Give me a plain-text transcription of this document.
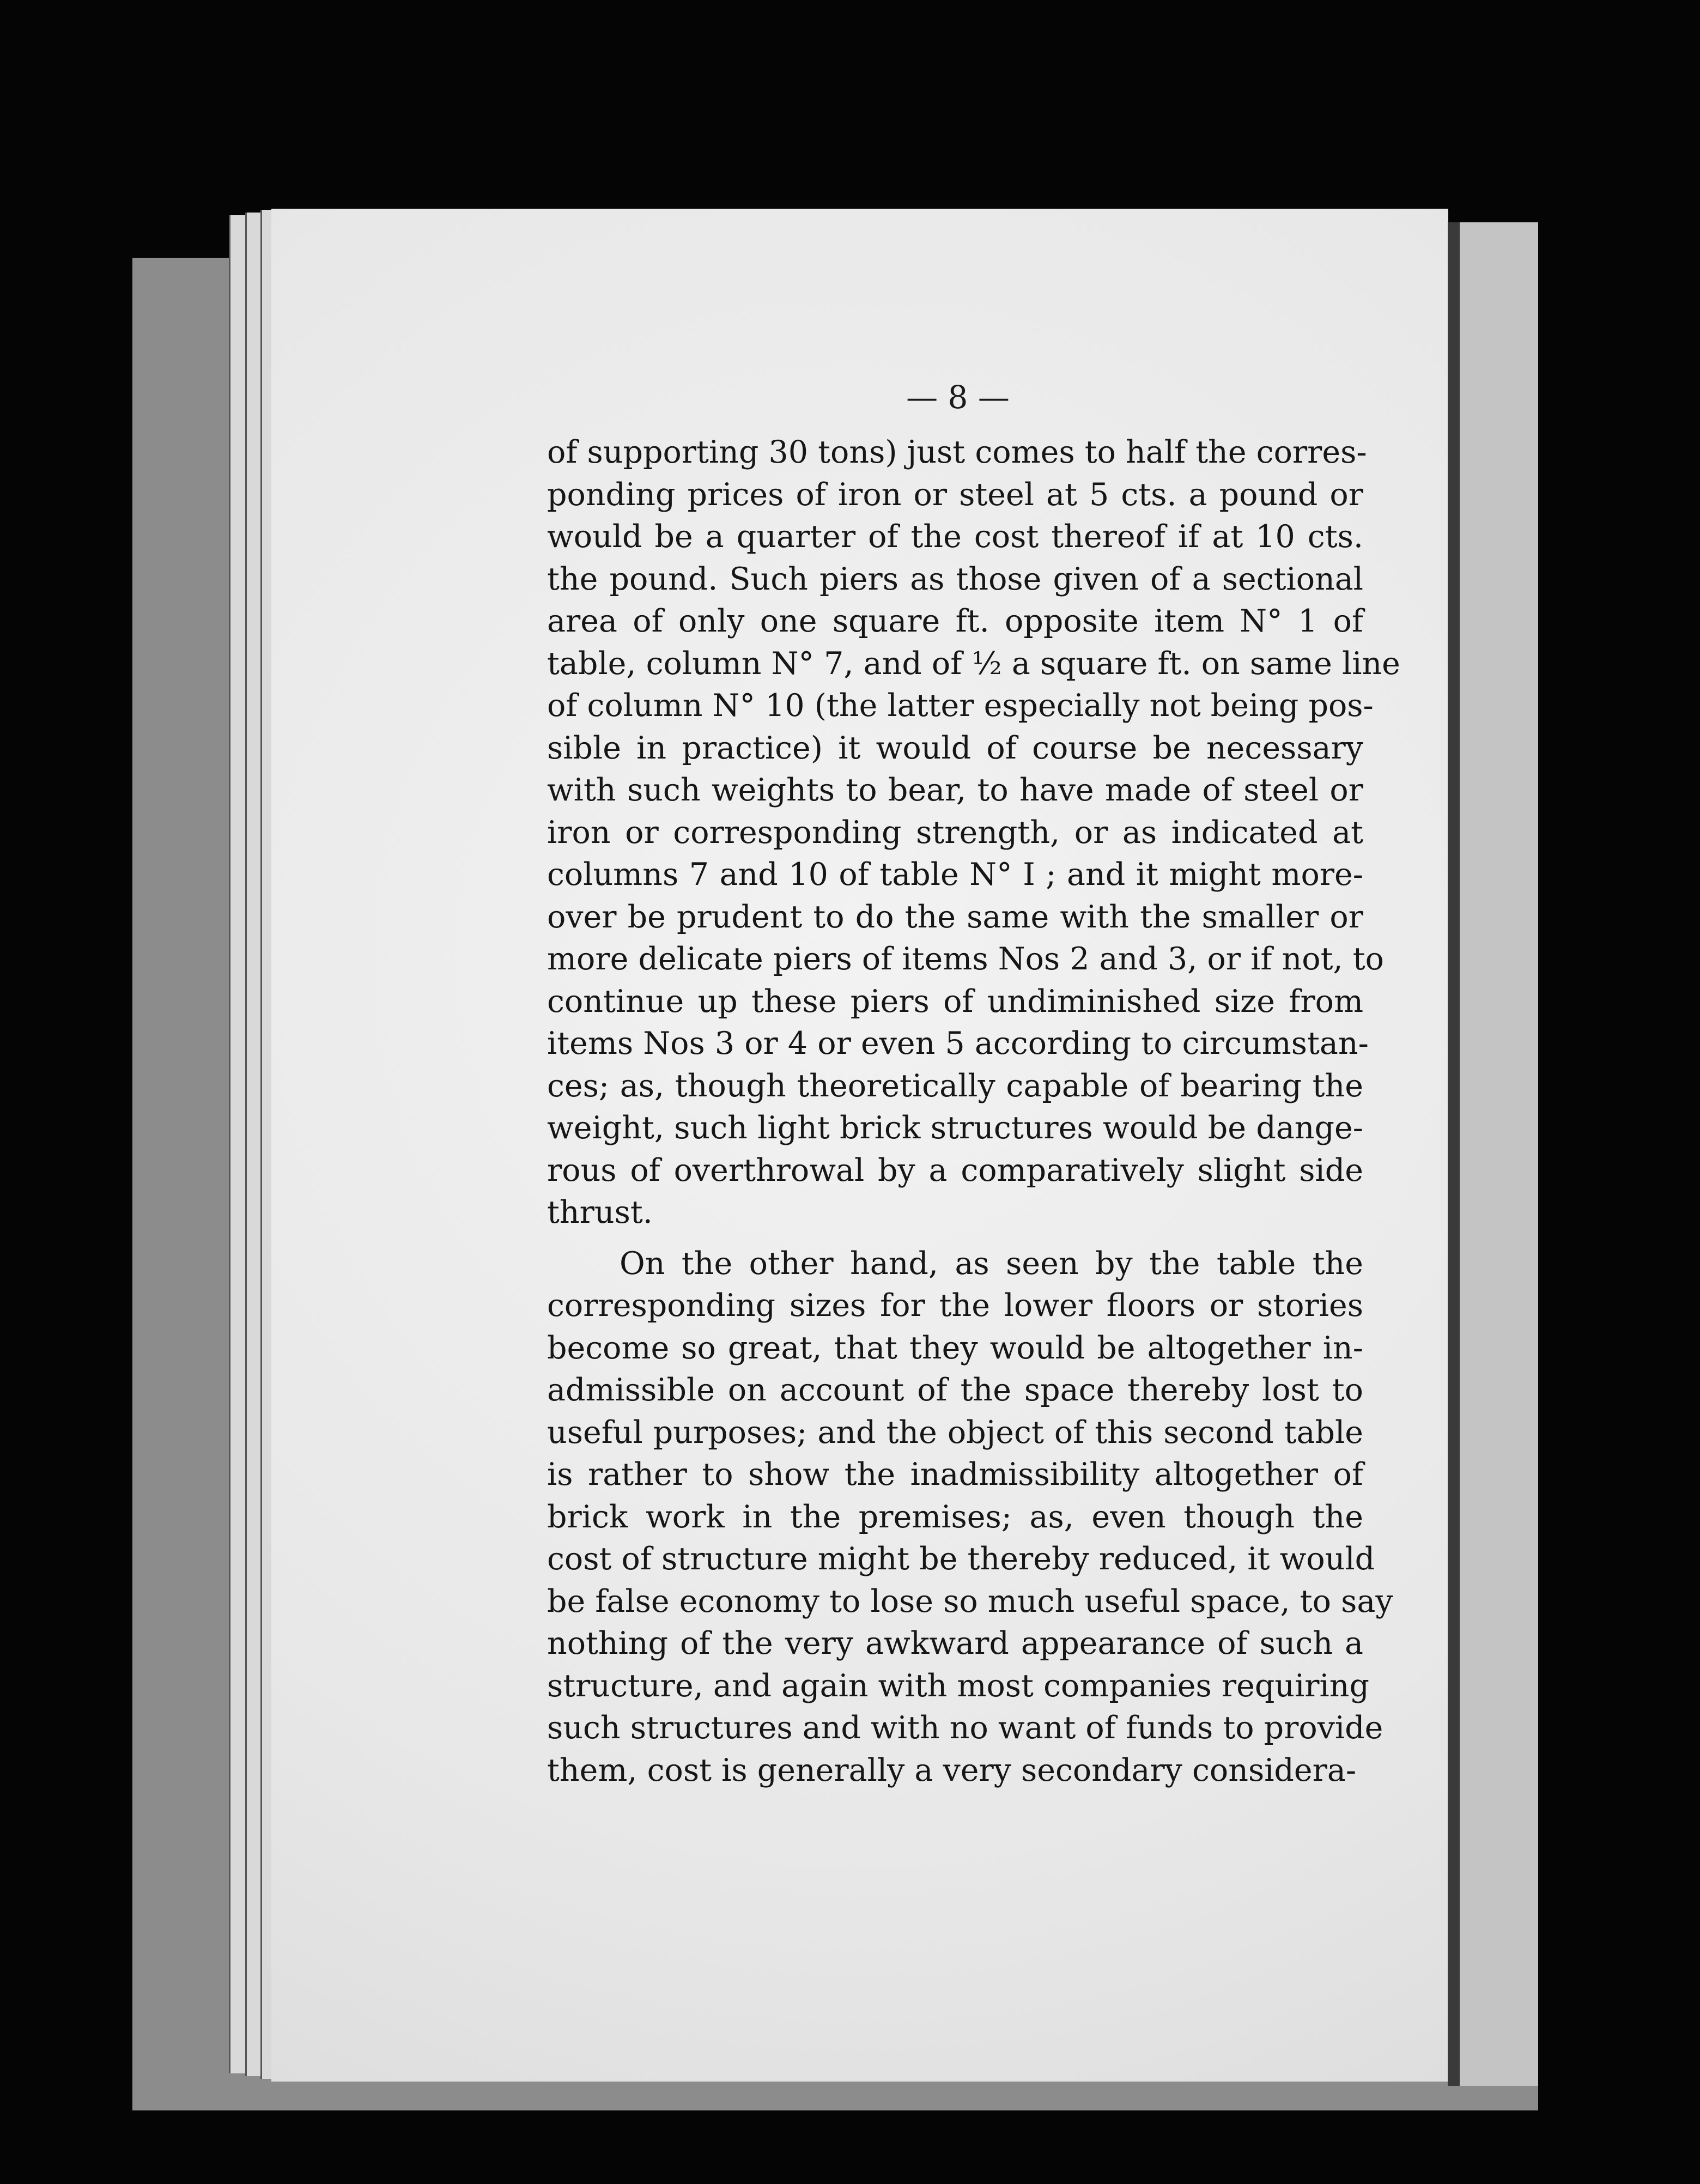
— 8 —
of supporting 30 tons) just comes to half the corres-
ponding prices of iron or steel at 5 cts. a pound or
would be a quarter of the cost thereof if at 10 cts.
the pound. Such piers as those given of a sectional
area of only one square ft. opposite item N° 1 of
table, column N° 7, and of ½ a square ft. on same line
of column N° 10 (the latter especially not being pos-
sible in practice) it would of course be necessary
with such weights to bear, to have made of steel or
iron or corresponding strength, or as indicated at
columns 7 and 10 of table N° I ; and it might more-
over be prudent to do the same with the smaller or
more delicate piers of items Nos 2 and 3, or if not, to
continue up these piers of undiminished size from
items Nos 3 or 4 or even 5 according to circumstan-
ces; as, though theoretically capable of bearing the
weight, such light brick structures would be dange-
rous of overthrowal by a comparatively slight side
thrust.
On the other hand, as seen by the table the
corresponding sizes for the lower floors or stories
become so great, that they would be altogether in-
admissible on account of the space thereby lost to
useful purposes; and the object of this second table
is rather to show the inadmissibility altogether of
brick work in the premises; as, even though the
cost of structure might be thereby reduced, it would
be false economy to lose so much useful space, to say
nothing of the very awkward appearance of such a
structure, and again with most companies requiring
such structures and with no want of funds to provide
them, cost is generally a very secondary considera-
